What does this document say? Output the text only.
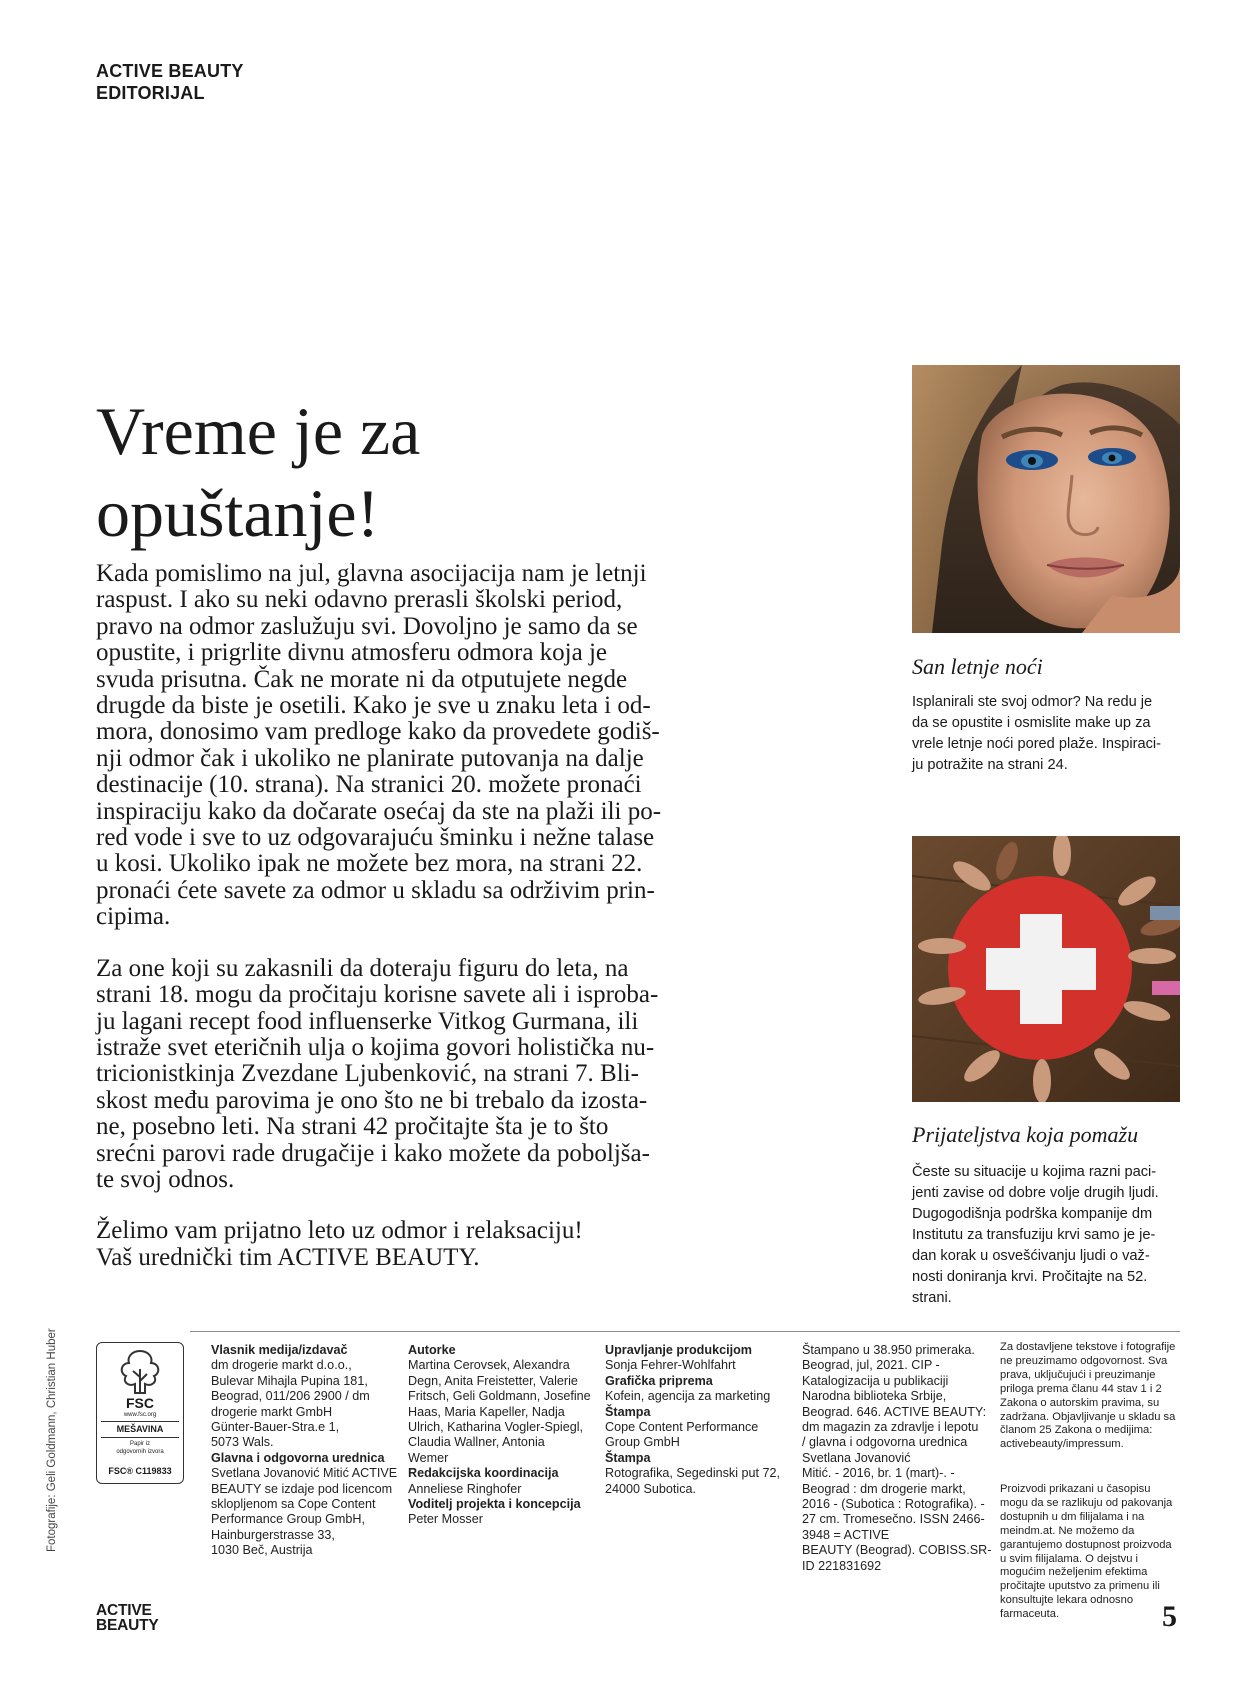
ACTIVE BEAUTY
EDITORIJAL
Vreme je za
opuštanje!
Kada pomislimo na jul, glavna asocijacija nam je letnji
raspust. I ako su neki odavno prerasli školski period,
pravo na odmor zaslužuju svi. Dovoljno je samo da se
opustite, i prigrlite divnu atmosferu odmora koja je
svuda prisutna. Čak ne morate ni da otputujete negde
drugde da biste je osetili. Kako je sve u znaku leta i od-
mora, donosimo vam predloge kako da provedete godiš-
nji odmor čak i ukoliko ne planirate putovanja na dalje
destinacije (10. strana). Na stranici 20. možete pronaći
inspiraciju kako da dočarate osećaj da ste na plaži ili po-
red vode i sve to uz odgovarajuću šminku i nežne talase
u kosi. Ukoliko ipak ne možete bez mora, na strani 22.
pronaći ćete savete za odmor u skladu sa održivim prin-
cipima.
Za one koji su zakasnili da doteraju figuru do leta, na
strani 18. mogu da pročitaju korisne savete ali i isproba-
ju lagani recept food influenserke Vitkog Gurmana, ili
istraže svet eteričnih ulja o kojima govori holistička nu-
tricionistkinja Zvezdane Ljubenković, na strani 7. Bli-
skost među parovima je ono što ne bi trebalo da izosta-
ne, posebno leti. Na strani 42 pročitajte šta je to što
srećni parovi rade drugačije i kako možete da poboljša-
te svoj odnos.
Želimo vam prijatno leto uz odmor i relaksaciju!
Vaš urednički tim ACTIVE BEAUTY.
San letnje noći
Isplanirali ste svoj odmor? Na redu je
da se opustite i osmislite make up za
vrele letnje noći pored plaže. Inspiraci-
ju potražite na strani 24.
Prijateljstva koja pomažu
Česte su situacije u kojima razni paci-
jenti zavise od dobre volje drugih ljudi.
Dugogodišnja podrška kompanije dm
Institutu za transfuziju krvi samo je je-
dan korak u osvešćivanju ljudi o važ-
nosti doniranja krvi. Pročitajte na 52.
strani.
Fotografije: Geli Goldmann, Christian Huber	FSC
www.fsc.org
MEŠAVINA
Papir iz
odgovornih izvora
FSC® C119833
Vlasnik medija/izdavač
dm drogerie markt d.o.o.,
Bulevar Mihajla Pupina 181,
Beograd, 011/206 2900 / dm
drogerie markt GmbH
Günter-Bauer-Stra.e 1,
5073 Wals.
Glavna i odgovorna urednica
Svetlana Jovanović Mitić ACTIVE
BEAUTY se izdaje pod licencom
sklopljenom sa Cope Content
Performance Group GmbH,
Hainburgerstrasse 33,
1030 Beč, Austrija
Autorke
Martina Cerovsek, Alexandra
Degn, Anita Freistetter, Valerie
Fritsch, Geli Goldmann, Josefine
Haas, Maria Kapeller, Nadja
Ulrich, Katharina Vogler-Spiegl,
Claudia Wallner, Antonia
Wemer
Redakcijska koordinacija
Anneliese Ringhofer
Voditelj projekta i koncepcija
Peter Mosser
Upravljanje produkcijom
Sonja Fehrer-Wohlfahrt
Grafička priprema
Kofein, agencija za marketing
Štampa
Cope Content Performance
Group GmbH
Štampa
Rotografika, Segedinski put 72,
24000 Subotica.
Štampano u 38.950 primeraka.
Beograd, jul, 2021. CIP -
Katalogizacija u publikaciji
Narodna biblioteka Srbije,
Beograd. 646. ACTIVE BEAUTY:
dm magazin za zdravlje i lepotu
/ glavna i odgovorna urednica
Svetlana Jovanović
Mitić. - 2016, br. 1 (mart)-. -
Beograd : dm drogerie markt,
2016 - (Subotica : Rotografika). -
27 cm. Tromesečno. ISSN 2466-
3948 = ACTIVE
BEAUTY (Beograd). COBISS.SR-
ID 221831692
Za dostavljene tekstove i fotografije
ne preuzimamo odgovornost. Sva
prava, uključujući i preuzimanje
priloga prema članu 44 stav 1 i 2
Zakona o autorskim pravima, su
zadržana. Objavljivanje u skladu sa
članom 25 Zakona o medijima:
activebeauty/impressum.
Proizvodi prikazani u časopisu
mogu da se razlikuju od pakovanja
dostupnih u dm filijalama i na
meindm.at. Ne možemo da
garantujemo dostupnost proizvoda
u svim filijalama. O dejstvu i
mogućim neželjenim efektima
pročitajte uputstvo za primenu ili
konsultujte lekara odnosno
farmaceuta.
ACTIVE
BEAUTY	5
